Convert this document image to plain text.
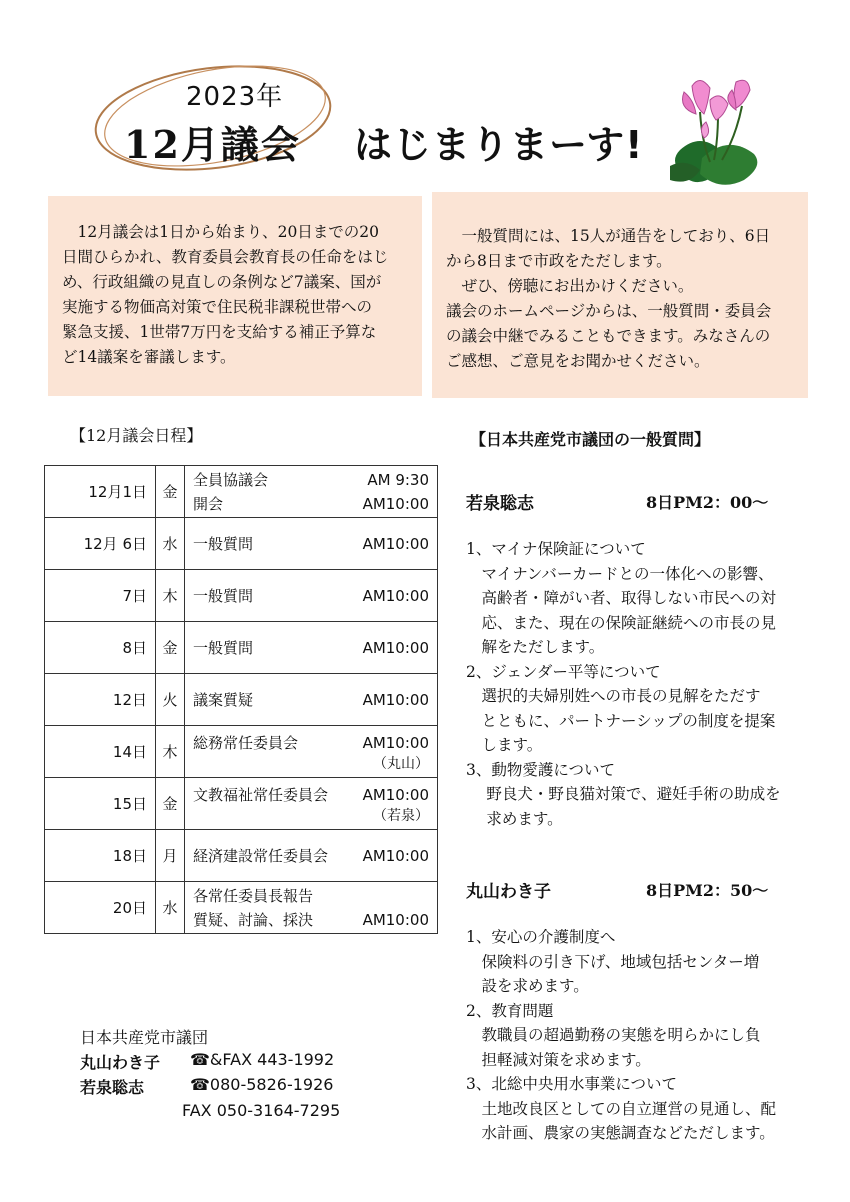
2023年
12月議会 はじまりまーす!

　12月議会は1日から始まり、20日までの20

日間ひらかれ、教育委員会教育長の任命をはじ

め、行政組織の見直しの条例など7議案、国が

実施する物価高対策で住民税非課税世帯への

緊急支援、1世帯7万円を支給する補正予算な

ど14議案を審議します。

　一般質問には、15人が通告をしており、6日

から8日まで市政をただします。

　ぜひ、傍聴にお出かけください。

議会のホームページからは、一般質問・委員会

の議会中継でみることもできます。みなさんの

ご感想、ご意見をお聞かせください。

【12月議会日程】
12月1日	金	全員協議会 AM 9:30
開会 AM10:00

12月 6日	水	一般質問 AM10:00

7日	木	一般質問 AM10:00

8日	金	一般質問 AM10:00

12日	火	議案質疑 AM10:00

14日	木	総務常任委員会 AM10:00
（丸山）

15日	金	文教福祉常任委員会 AM10:00
（若泉）

18日	月	経済建設常任委員会 AM10:00

20日	水	各常任委員長報告
質疑、討論、採決 AM10:00
日本共産党市議団
丸山わき子 ☎&FAX 443-1992
若泉聡志	☎080-5826-1926
FAX 050-3164-7295
【日本共産党市議団の一般質問】
若泉聡志	8日PM2：00～
1、マイナ保険証について
　マイナンバーカードとの一体化への影響、
　高齢者・障がい者、取得しない市民への対
　応、また、現在の保険証継続への市長の見
　解をただします。
2、ジェンダー平等について
　選択的夫婦別姓への市長の見解をただす
　とともに、パートナーシップの制度を提案
　します。
3、動物愛護について
　 野良犬・野良猫対策で、避妊手術の助成を
　 求めます。
丸山わき子	8日PM2：50～
1、安心の介護制度へ
　保険料の引き下げ、地域包括センター増
　設を求めます。
2、教育問題
　教職員の超過勤務の実態を明らかにし負
　担軽減対策を求めます。
3、北総中央用水事業について
　土地改良区としての自立運営の見通し、配
　水計画、農家の実態調査などただします。
